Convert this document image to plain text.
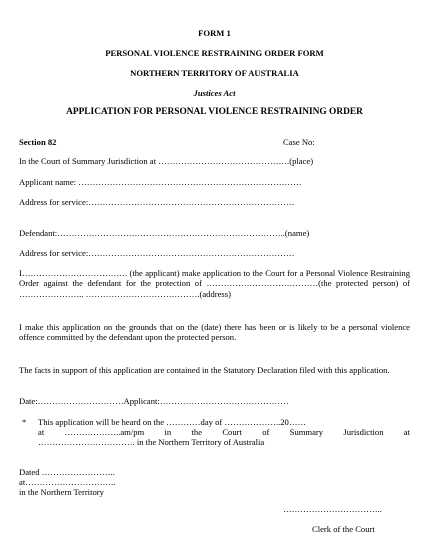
FORM 1
PERSONAL VIOLENCE RESTRAINING ORDER FORM
NORTHERN TERRITORY OF AUSTRALIA
Justices Act
APPLICATION FOR PERSONAL VIOLENCE RESTRAINING ORDER
Section 82	Case No:
In the Court of Summary Jurisdiction at ……………………………………….(place)
Applicant name: ……………………………………………………………………
Address for service:………………………………………………………………
Defendant:……………………………………………………………………..(name)
Address for service:………………………………………………………………
I………………………………. (the applicant) make application to the Court for a Personal Violence Restraining Order against the defendant for the protection of …………………………………(the protected person) of ………………….. ………………………………….(address)
I make this application on the grounds that on the (date) there has been or is likely to be a personal violence offence committed by the defendant upon the protected person.
The facts in support of this application are contained in the Statutory Declaration filed with this application.
Date:…………………………Applicant:………………………………………
* This application will be heard on the …………day of ………………..20……
at ………………..am/pm in the Court of Summary Jurisdiction at
……………………………. in the Northern Territory of Australia
Dated ……………………..
at…………………………..
in the Northern Territory
……………………………..
Clerk of the Court
